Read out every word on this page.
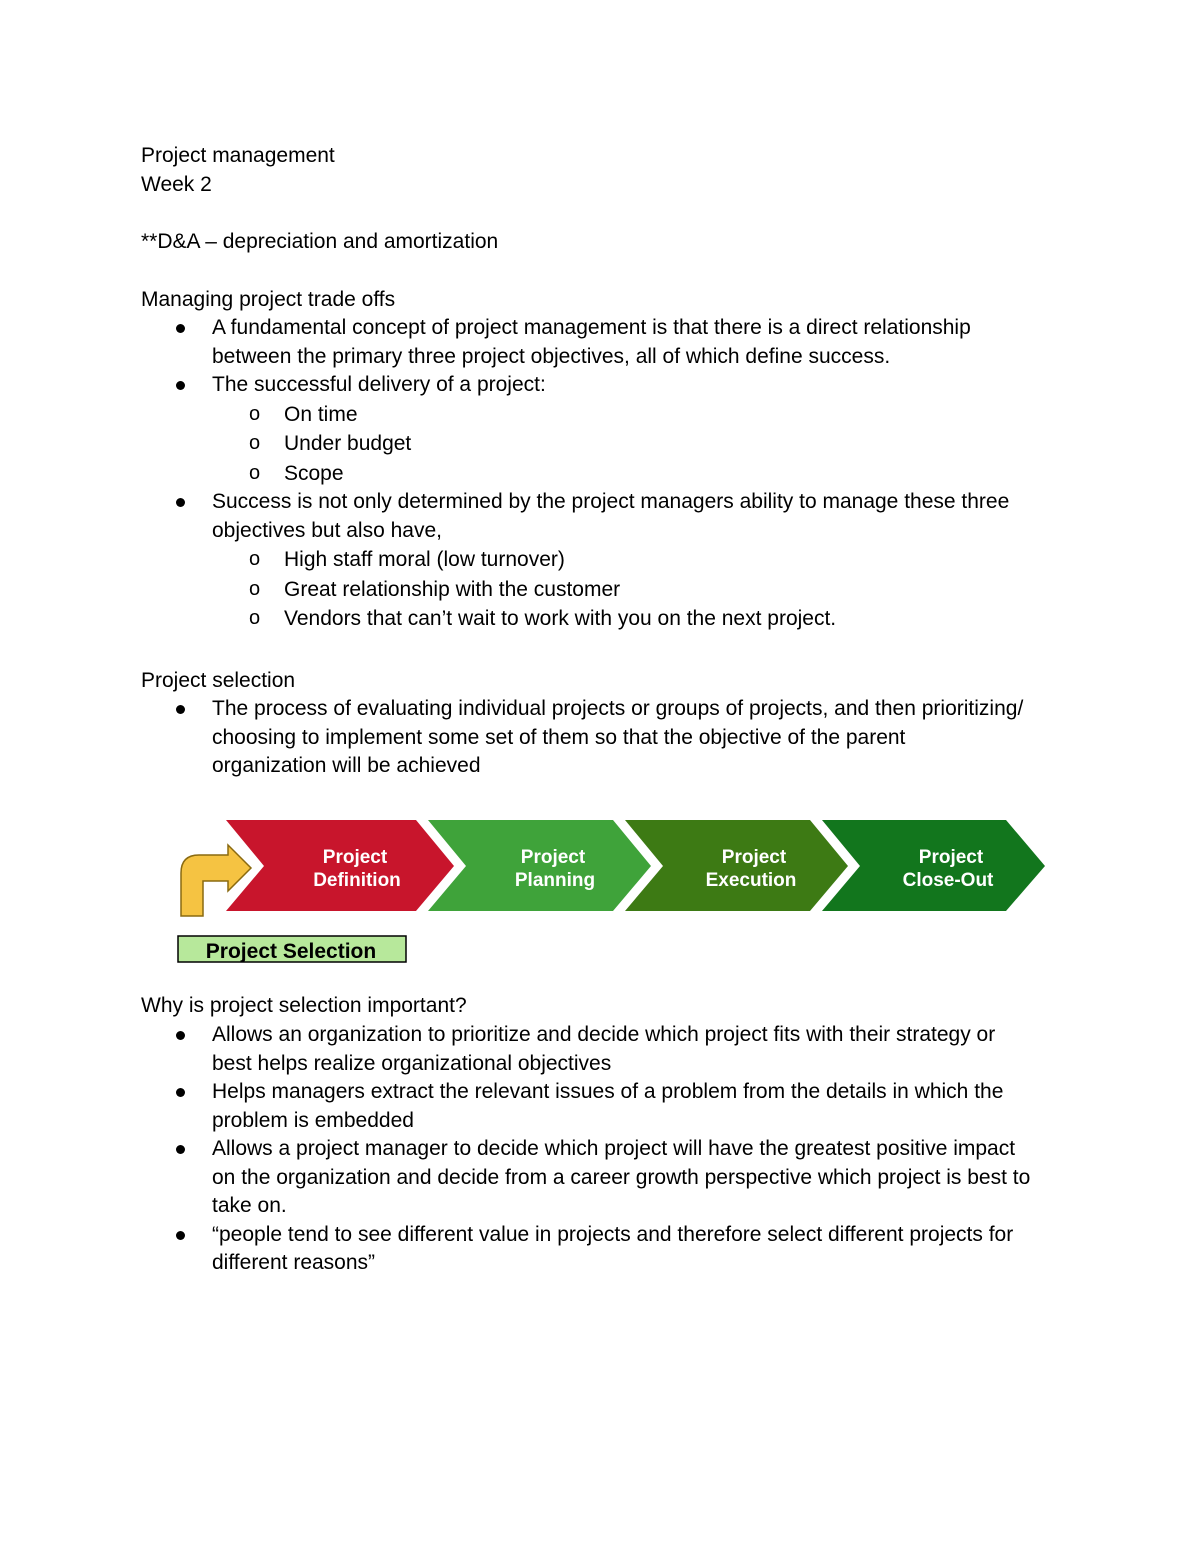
Project management

Week 2

**D&A – depreciation and amortization

Managing project trade offs

A fundamental concept of project management is that there is a direct relationship
between the primary three project objectives, all of which define success.
The successful delivery of a project:
o On time
o Under budget
o Scope
Success is not only determined by the project managers ability to manage these three
objectives but also have,
o High staff moral (low turnover)
o Great relationship with the customer
o Vendors that can’t wait to work with you on the next project.

Project selection

The process of evaluating individual projects or groups of projects, and then prioritizing/
choosing to implement some set of them so that the objective of the parent
organization will be achieved
Project
Definition
Project
Planning
Project
Execution
Project
Close-Out
Project Selection

Why is project selection important?

Allows an organization to prioritize and decide which project fits with their strategy or
best helps realize organizational objectives
Helps managers extract the relevant issues of a problem from the details in which the
problem is embedded
Allows a project manager to decide which project will have the greatest positive impact
on the organization and decide from a career growth perspective which project is best to
take on.
“people tend to see different value in projects and therefore select different projects for
different reasons”
